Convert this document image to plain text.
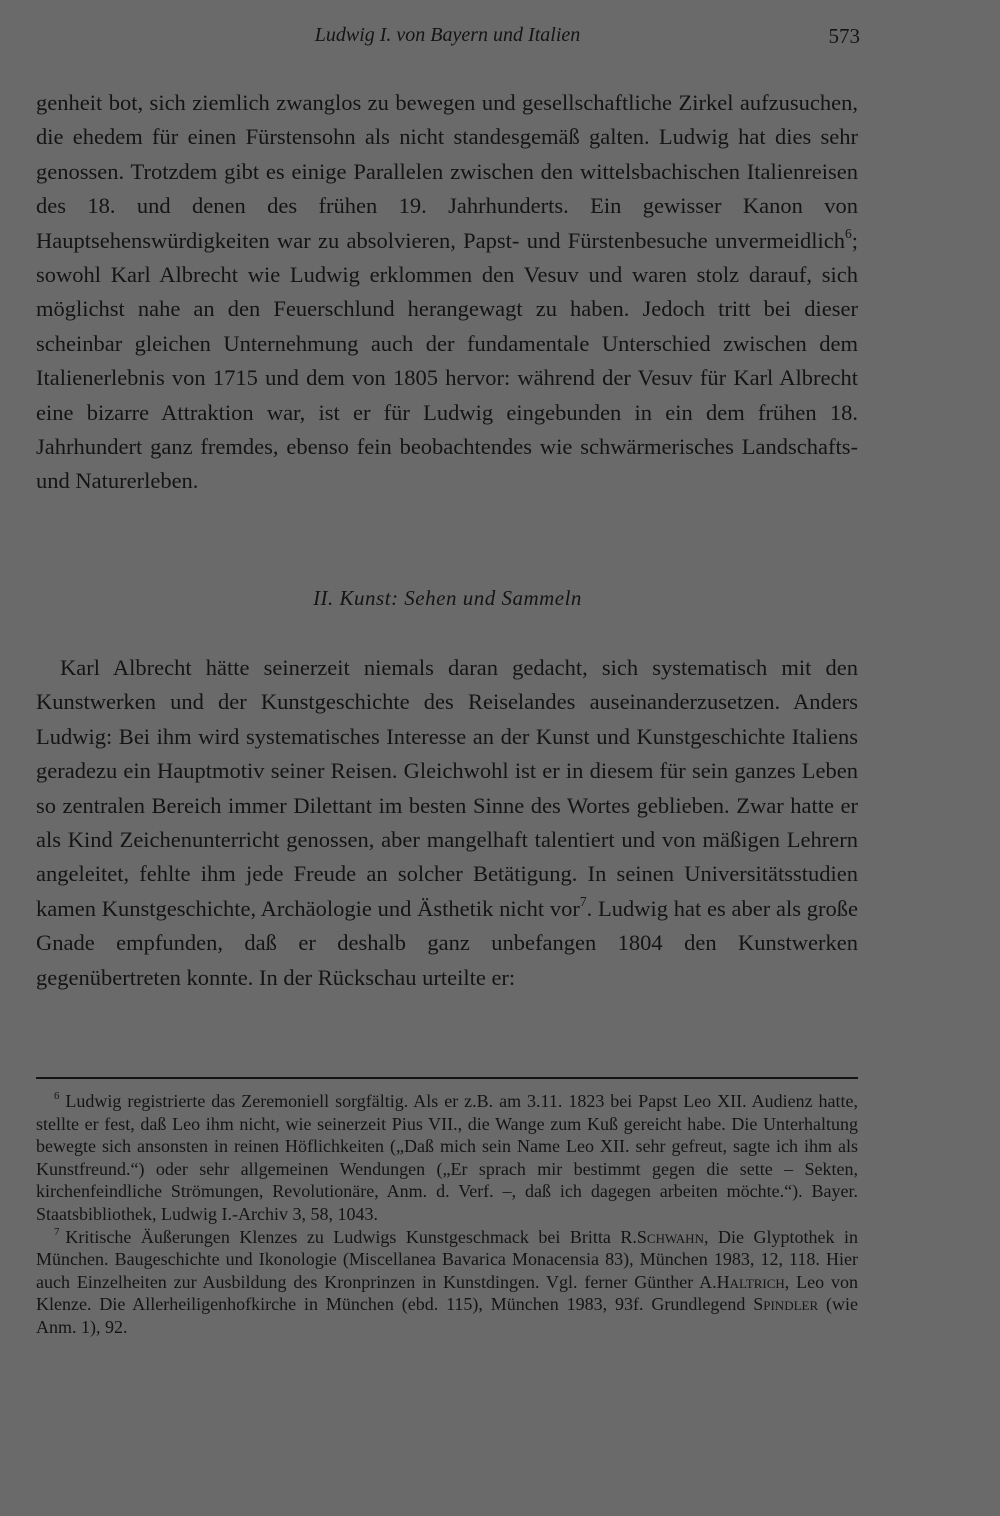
Ludwig I. von Bayern und Italien	573

genheit bot, sich ziemlich zwanglos zu bewegen und gesellschaftliche Zirkel aufzusuchen, die ehedem für einen Fürstensohn als nicht standesgemäß galten. Ludwig hat dies sehr genossen. Trotzdem gibt es einige Parallelen zwischen den wittelsbachischen Italienreisen des 18. und denen des frühen 19. Jahrhunderts. Ein gewisser Kanon von Hauptsehenswürdigkeiten war zu absolvieren, Papst- und Fürstenbesuche unvermeidlich$^6$; sowohl Karl Albrecht wie Ludwig erklommen den Vesuv und waren stolz darauf, sich möglichst nahe an den Feuerschlund herangewagt zu haben. Jedoch tritt bei dieser scheinbar gleichen Unternehmung auch der fundamentale Unterschied zwischen dem Italienerlebnis von 1715 und dem von 1805 hervor: während der Vesuv für Karl Albrecht eine bizarre Attraktion war, ist er für Ludwig eingebunden in ein dem frühen 18. Jahrhundert ganz fremdes, ebenso fein beobachtendes wie schwärmerisches Landschafts- und Naturerleben.

II. Kunst: Sehen und Sammeln

Karl Albrecht hätte seinerzeit niemals daran gedacht, sich systematisch mit den Kunstwerken und der Kunstgeschichte des Reiselandes auseinanderzusetzen. Anders Ludwig: Bei ihm wird systematisches Interesse an der Kunst und Kunstgeschichte Italiens geradezu ein Hauptmotiv seiner Reisen. Gleichwohl ist er in diesem für sein ganzes Leben so zentralen Bereich immer Dilettant im besten Sinne des Wortes geblieben. Zwar hatte er als Kind Zeichenunterricht genossen, aber mangelhaft talentiert und von mäßigen Lehrern angeleitet, fehlte ihm jede Freude an solcher Betätigung. In seinen Universitätsstudien kamen Kunstgeschichte, Archäologie und Ästhetik nicht vor$^7$. Ludwig hat es aber als große Gnade empfunden, daß er deshalb ganz unbefangen 1804 den Kunstwerken gegenübertreten konnte. In der Rückschau urteilte er:

$^6$ Ludwig registrierte das Zeremoniell sorgfältig. Als er z.B. am 3.11. 1823 bei Papst Leo XII. Audienz hatte, stellte er fest, daß Leo ihm nicht, wie seinerzeit Pius VII., die Wange zum Kuß gereicht habe. Die Unterhaltung bewegte sich ansonsten in reinen Höflichkeiten („Daß mich sein Name Leo XII. sehr gefreut, sagte ich ihm als Kunstfreund.“) oder sehr allgemeinen Wendungen („Er sprach mir bestimmt gegen die sette – Sekten, kirchenfeindliche Strömungen, Revolutionäre, Anm. d. Verf. –, daß ich dagegen arbeiten möchte.“). Bayer. Staatsbibliothek, Ludwig I.-Archiv 3, 58, 1043.

$^7$ Kritische Äußerungen Klenzes zu Ludwigs Kunstgeschmack bei Britta R.Schwahn, Die Glyptothek in München. Baugeschichte und Ikonologie (Miscellanea Bavarica Monacensia 83), München 1983, 12, 118. Hier auch Einzelheiten zur Ausbildung des Kronprinzen in Kunstdingen. Vgl. ferner Günther A.Haltrich, Leo von Klenze. Die Allerheiligenhofkirche in München (ebd. 115), München 1983, 93f. Grundlegend Spindler (wie Anm. 1), 92.
